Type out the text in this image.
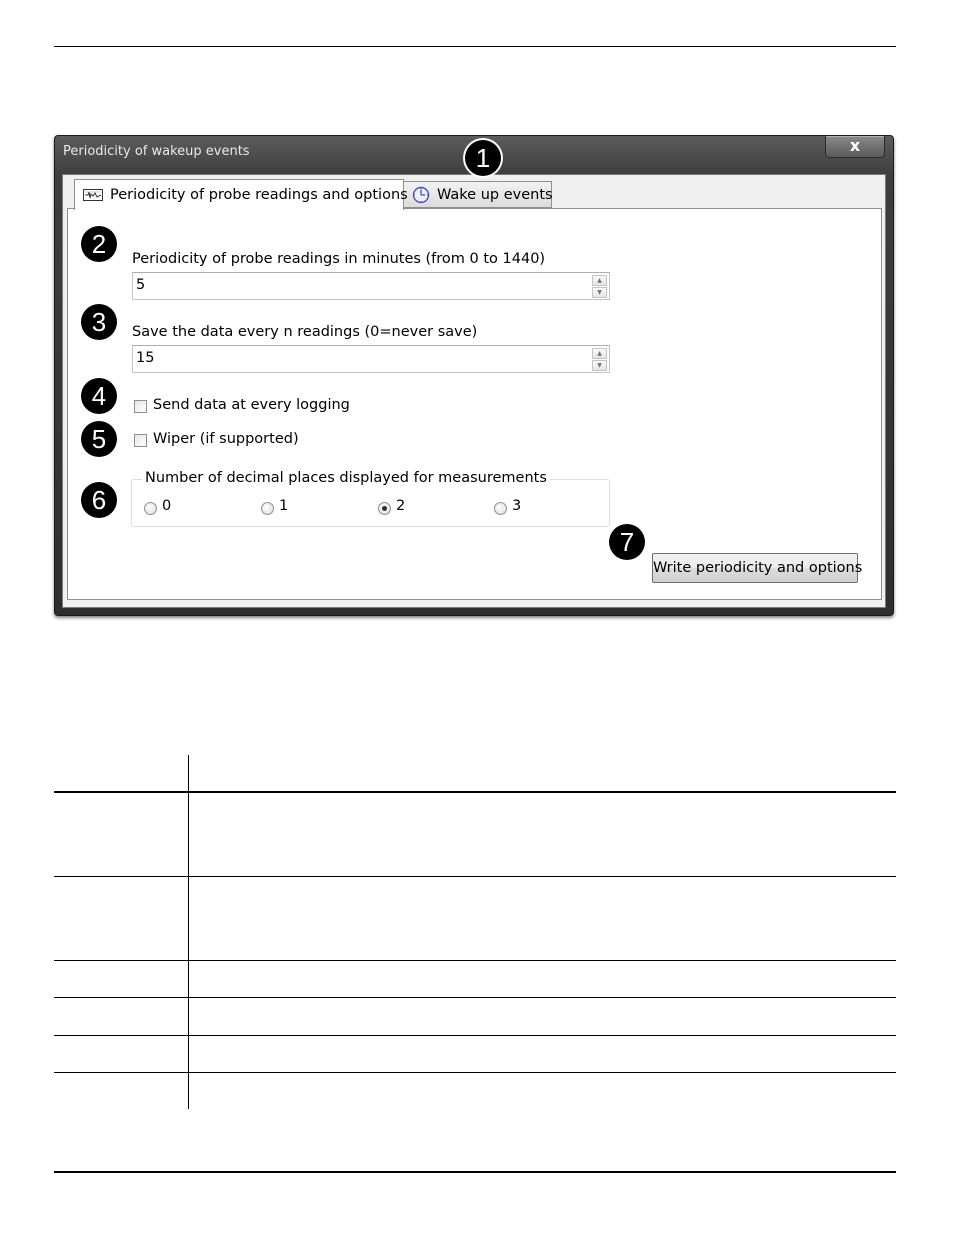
Periodicity of wakeup events	x
Periodicity of probe readings and options Wake up events
Periodicity of probe readings in minutes (from 0 to 1440)
5	▲
▼
Save the data every n readings (0=never save)
15	▲
▼
Send data at every logging
Wiper (if supported)
Number of decimal places displayed for measurements
0	1	2	3
Write periodicity and options
1
2
3
4
5
6
7
